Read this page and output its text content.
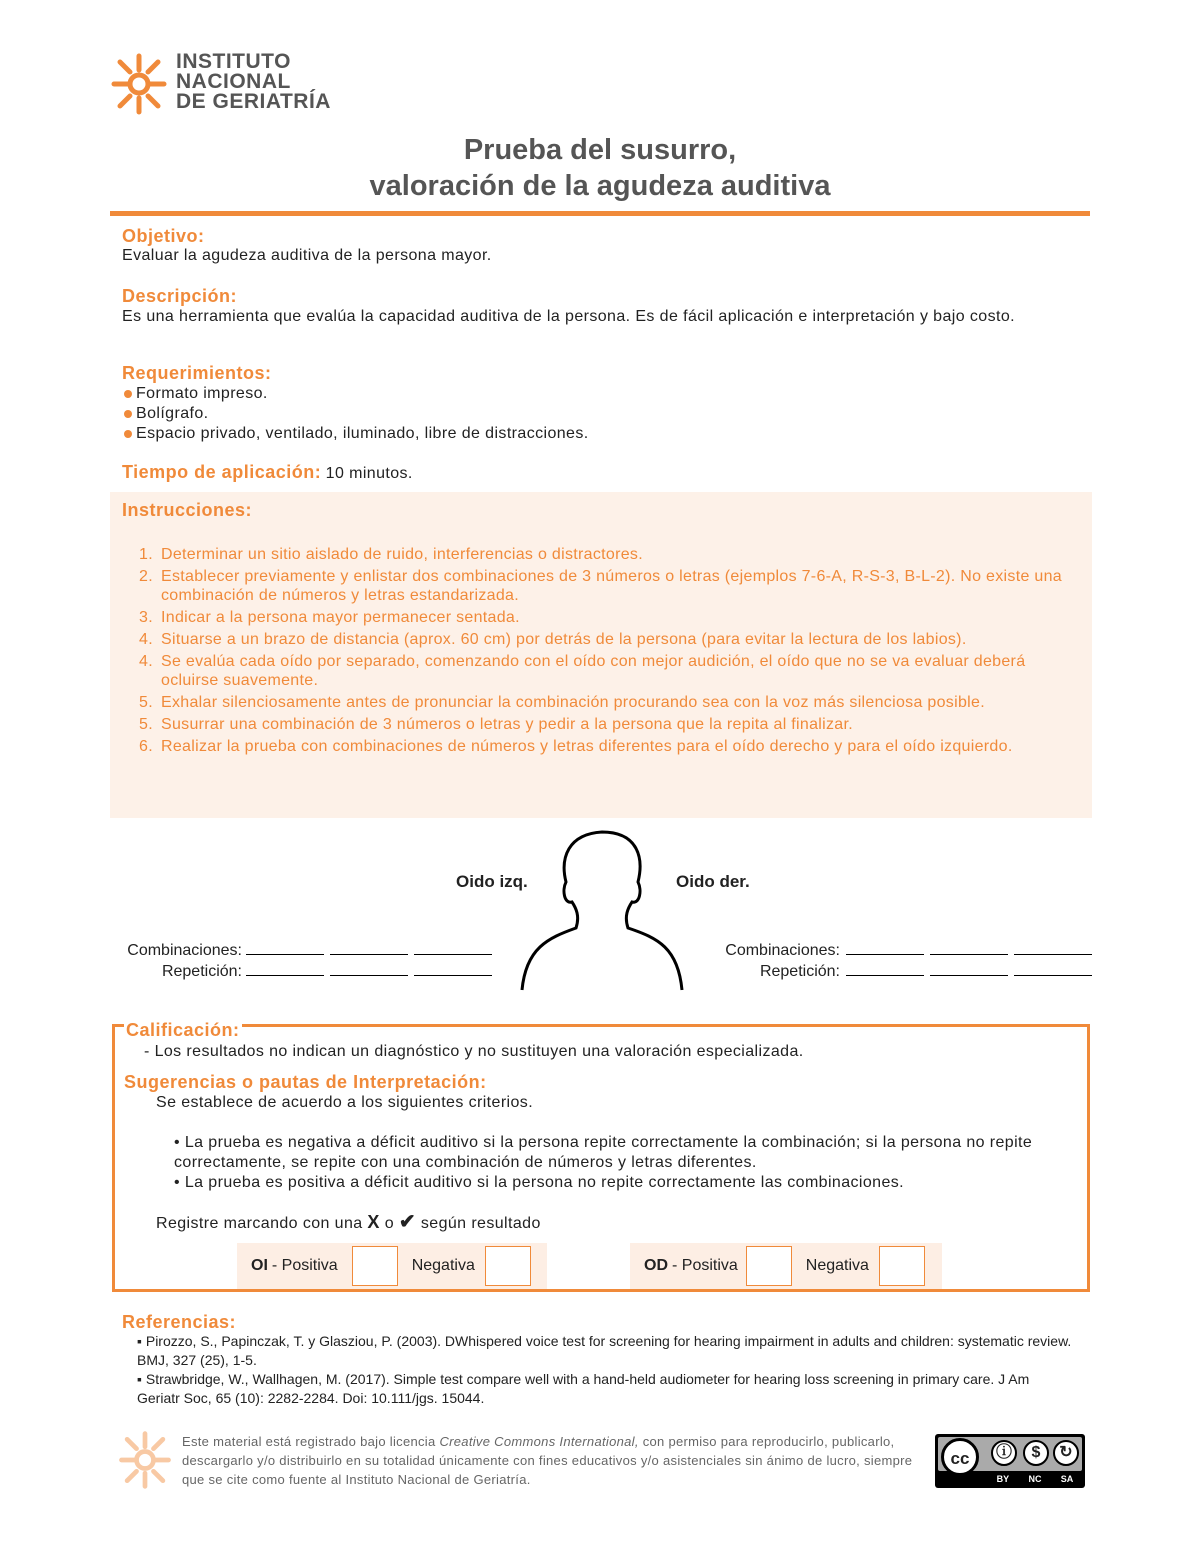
INSTITUTO
NACIONAL
DE GERIATRÍA
Prueba del susurro,
valoración de la agudeza auditiva
Objetivo:
Evaluar la agudeza auditiva de la persona mayor.
Descripción:
Es una herramienta que evalúa la capacidad auditiva de la persona. Es de fácil aplicación e interpretación y bajo costo.
Requerimientos:
Formato impreso.
Bolígrafo.
Espacio privado, ventilado, iluminado, libre de distracciones.
Tiempo de aplicación: 10 minutos.
Instrucciones:
1. Determinar un sitio aislado de ruido, interferencias o distractores.
2. Establecer previamente y enlistar dos combinaciones de 3 números o letras (ejemplos 7-6-A, R-S-3, B-L-2). No existe una combinación de números y letras estandarizada.
3. Indicar a la persona mayor permanecer sentada.
4. Situarse a un brazo de distancia (aprox. 60 cm) por detrás de la persona (para evitar la lectura de los labios).
4. Se evalúa cada oído por separado, comenzando con el oído con mejor audición, el oído que no se va evaluar deberá ocluirse suavemente.
5. Exhalar silenciosamente antes de pronunciar la combinación procurando sea con la voz más silenciosa posible.
5. Susurrar una combinación de 3 números o letras y pedir a la persona que la repita al finalizar.
6. Realizar la prueba con combinaciones de números y letras diferentes para el oído derecho y para el oído izquierdo.
Oido izq.	Oido der.
Combinaciones:
Repetición:
Combinaciones:
Repetición:
Calificación:
- Los resultados no indican un diagnóstico y no sustituyen una valoración especializada.
Sugerencias o pautas de Interpretación:
Se establece de acuerdo a los siguientes criterios.
• La prueba es negativa a déficit auditivo si la persona repite correctamente la combinación; si la persona no repite correctamente, se repite con una combinación de números y letras diferentes.
• La prueba es positiva a déficit auditivo si la persona no repite correctamente las combinaciones.
Registre marcando con una X o ✔ según resultado
OI - Positiva	Negativa	OD - Positiva	Negativa
Referencias:
▪ Pirozzo, S., Papinczak, T. y Glasziou, P. (2003). DWhispered voice test for screening for hearing impairment in adults and children: systematic review. BMJ, 327 (25), 1-5.
▪ Strawbridge, W., Wallhagen, M. (2017). Simple test compare well with a hand-held audiometer for hearing loss screening in primary care. J Am Geriatr Soc, 65 (10): 2282-2284. Doi: 10.111/jgs. 15044.
Este material está registrado bajo licencia Creative Commons International, con permiso para reproducirlo, publicarlo, descargarlo y/o distribuirlo en su totalidad únicamente con fines educativos y/o asistenciales sin ánimo de lucro, siempre que se cite como fuente al Instituto Nacional de Geriatría.
cc	ⓘ	$	↻
BY NC SA
